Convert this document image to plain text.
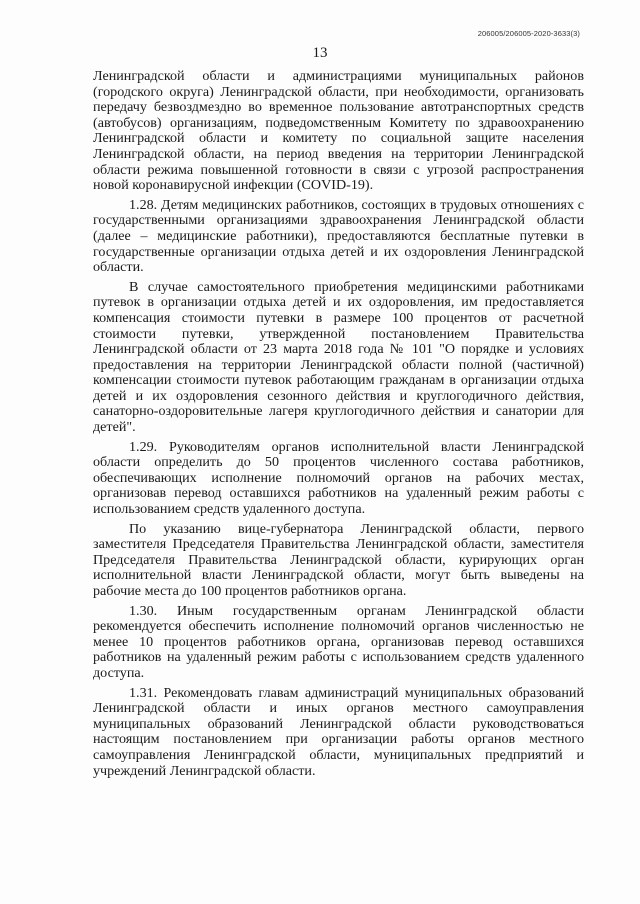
206005/206005-2020-3633(3)
13

Ленинградской области и администрациями муниципальных районов (городского округа) Ленинградской области, при необходимости, организовать передачу безвоздмездно во временное пользование автотранспортных средств (автобусов) организациям, подведомственным Комитету по здравоохранению Ленинградской области и комитету по социальной защите населения Ленинградской области, на период введения на территории Ленинградской области режима повышенной готовности в связи с угрозой распространения новой коронавирусной инфекции (COVID-19).

1.28. Детям медицинских работников, состоящих в трудовых отношениях с государственными организациями здравоохранения Ленинградской области (далее – медицинские работники), предоставляются бесплатные путевки в государственные организации отдыха детей и их оздоровления Ленинградской области.

В случае самостоятельного приобретения медицинскими работниками путевок в организации отдыха детей и их оздоровления, им предоставляется компенсация стоимости путевки в размере 100 процентов от расчетной стоимости путевки, утвержденной постановлением Правительства Ленинградской области от 23 марта 2018 года № 101 "О порядке и условиях предоставления на территории Ленинградской области полной (частичной) компенсации стоимости путевок работающим гражданам в организации отдыха детей и их оздоровления сезонного действия и круглогодичного действия, санаторно-оздоровительные лагеря круглогодичного действия и санатории для детей".

1.29. Руководителям органов исполнительной власти Ленинградской области определить до 50 процентов численного состава работников, обеспечивающих исполнение полномочий органов на рабочих местах, организовав перевод оставшихся работников на удаленный режим работы с использованием средств удаленного доступа.

По указанию вице-губернатора Ленинградской области, первого заместителя Председателя Правительства Ленинградской области, заместителя Председателя Правительства Ленинградской области, курирующих орган исполнительной власти Ленинградской области, могут быть выведены на рабочие места до 100 процентов работников органа.

1.30. Иным государственным органам Ленинградской области рекомендуется обеспечить исполнение полномочий органов численностью не менее 10 процентов работников органа, организовав перевод оставшихся работников на удаленный режим работы с использованием средств удаленного доступа.

1.31. Рекомендовать главам администраций муниципальных образований Ленинградской области и иных органов местного самоуправления муниципальных образований Ленинградской области руководствоваться настоящим постановлением при организации работы органов местного самоуправления Ленинградской области, муниципальных предприятий и учреждений Ленинградской области.
